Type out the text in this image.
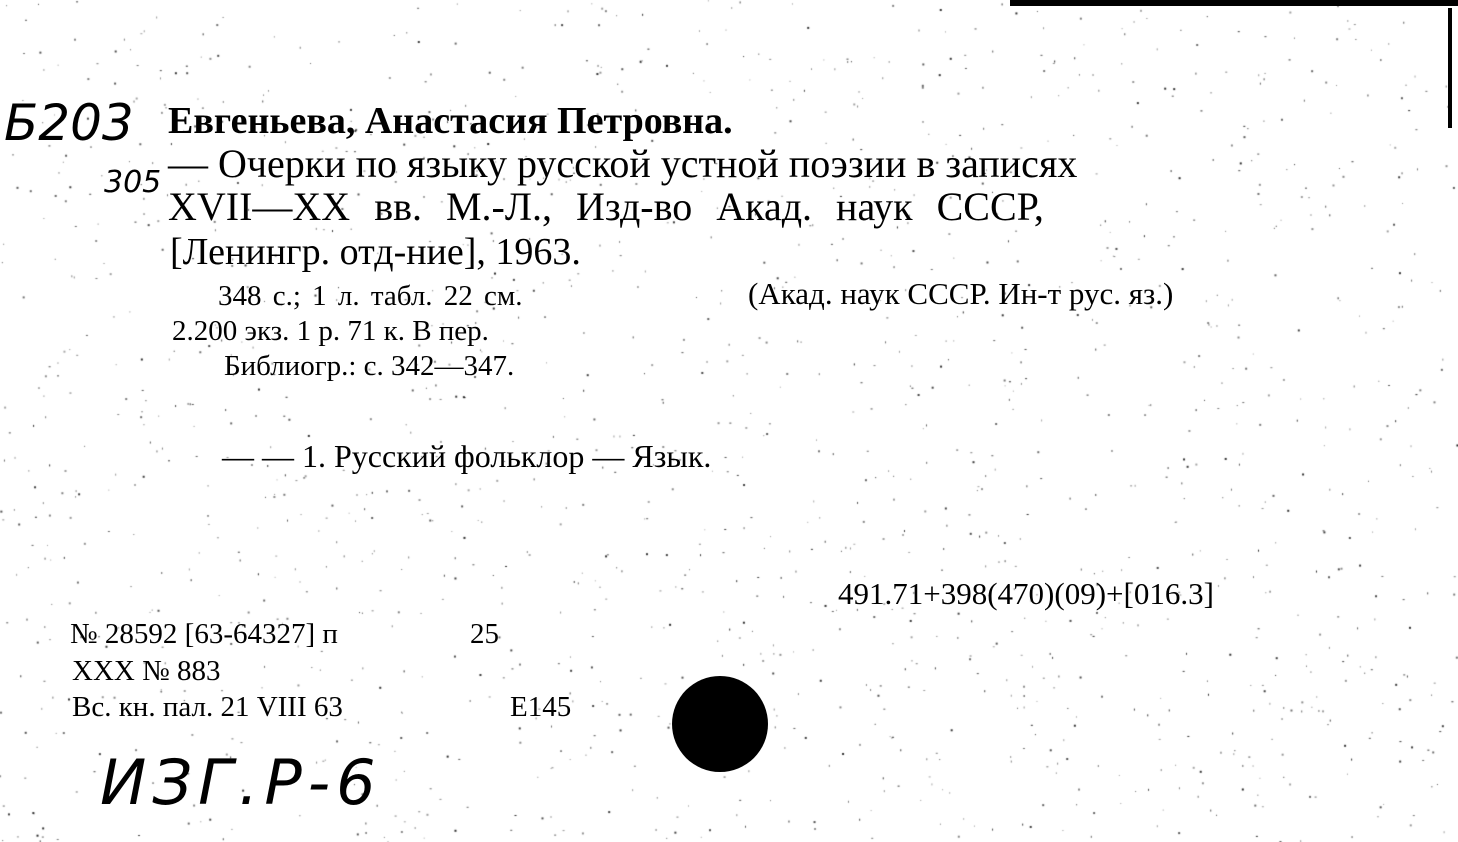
Б203
305
Евгеньева, Анастасия Петровна.
— Очерки по языку русской устной поэзии в записях
XVII—XX вв. М.-Л., Изд-во Акад. наук СССР,
[Ленингр. отд-ние], 1963.
348 с.; 1 л. табл. 22 см.	(Акад. наук СССР. Ин-т рус. яз.)
2.200 экз. 1 р. 71 к. В пер.
Библиогр.: с. 342—347.
— — 1. Русский фольклор — Язык.
491.71+398(470)(09)+[016.3]
№ 28592 [63-64327] п	25
XXX № 883
Вс. кн. пал. 21 VIII 63	Е145
ИЗГ.Р-6
